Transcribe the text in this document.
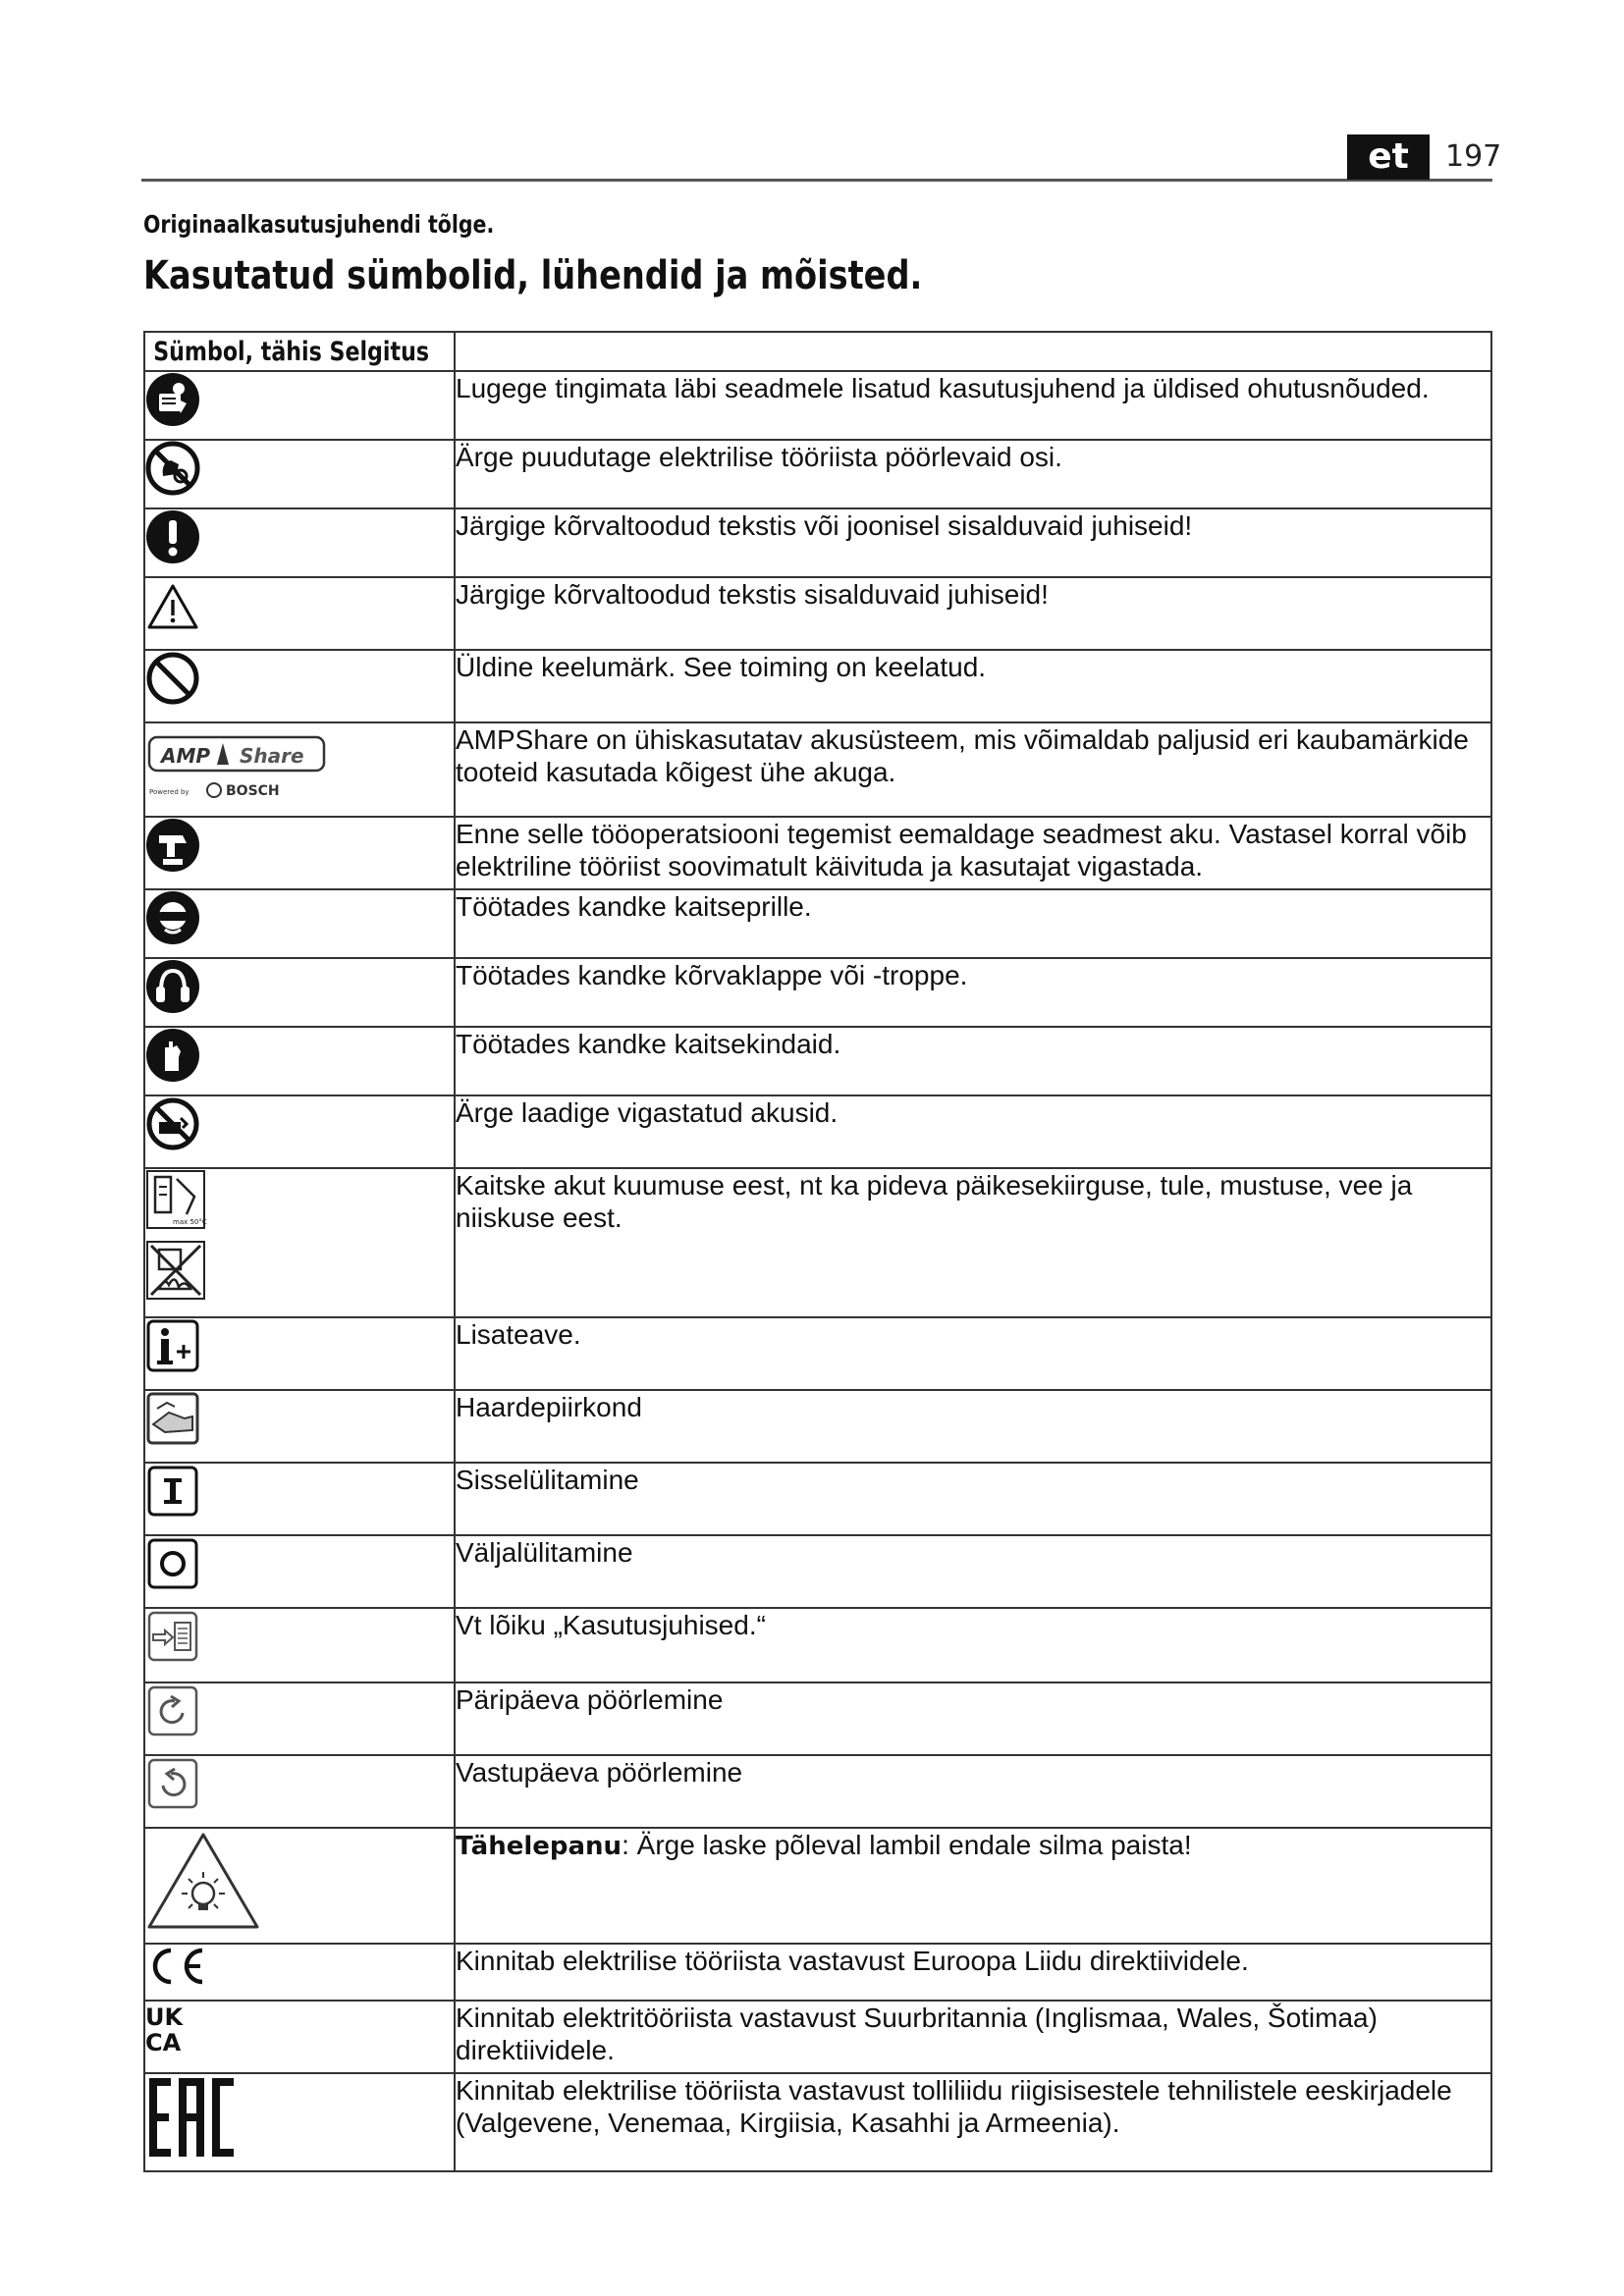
et	197
Originaalkasutusjuhendi tõlge.
Kasutatud sümbolid, lühendid ja mõisted.
Sümbol, tähis Selgitus	

	Lugege tingimata läbi seadmele lisatud kasutusjuhend ja üldised ohutusnõuded.

	Ärge puudutage elektrilise tööriista pöörlevaid osi.

	Järgige kõrvaltoodud tekstis või joonisel sisalduvaid juhiseid!

	Järgige kõrvaltoodud tekstis sisalduvaid juhiseid!

	Üldine keelumärk. See toiming on keelatud.

AMP Share
Powered by BOSCH	AMPShare on ühiskasutatav akusüsteem, mis võimaldab paljusid eri kaubamärkide tooteid kasutada kõigest ühe akuga.

	Enne selle tööoperatsiooni tegemist eemaldage seadmest aku. Vastasel korral võib elektriline tööriist soovimatult käivituda ja kasutajat vigastada.

	Töötades kandke kaitseprille.

	Töötades kandke kõrvaklappe või -troppe.

	Töötades kandke kaitsekindaid.

	Ärge laadige vigastatud akusid.

max 50°C	Kaitske akut kuumuse eest, nt ka pideva päikesekiirguse, tule, mustuse, vee ja niiskuse eest.

	Lisateave.

	Haardepiirkond

	Sisselülitamine

	Väljalülitamine

	Vt lõiku „Kasutusjuhised.“

	Päripäeva pöörlemine

	Vastupäeva pöörlemine

	Tähelepanu: Ärge laske põleval lambil endale silma paista!

	Kinnitab elektrilise tööriista vastavust Euroopa Liidu direktiividele.

UK
CA	Kinnitab elektritööriista vastavust Suurbritannia (Inglismaa, Wales, Šotimaa) direktiividele.

	Kinnitab elektrilise tööriista vastavust tolliliidu riigisisestele tehnilistele eeskirjadele (Valgevene, Venemaa, Kirgiisia, Kasahhi ja Armeenia).
